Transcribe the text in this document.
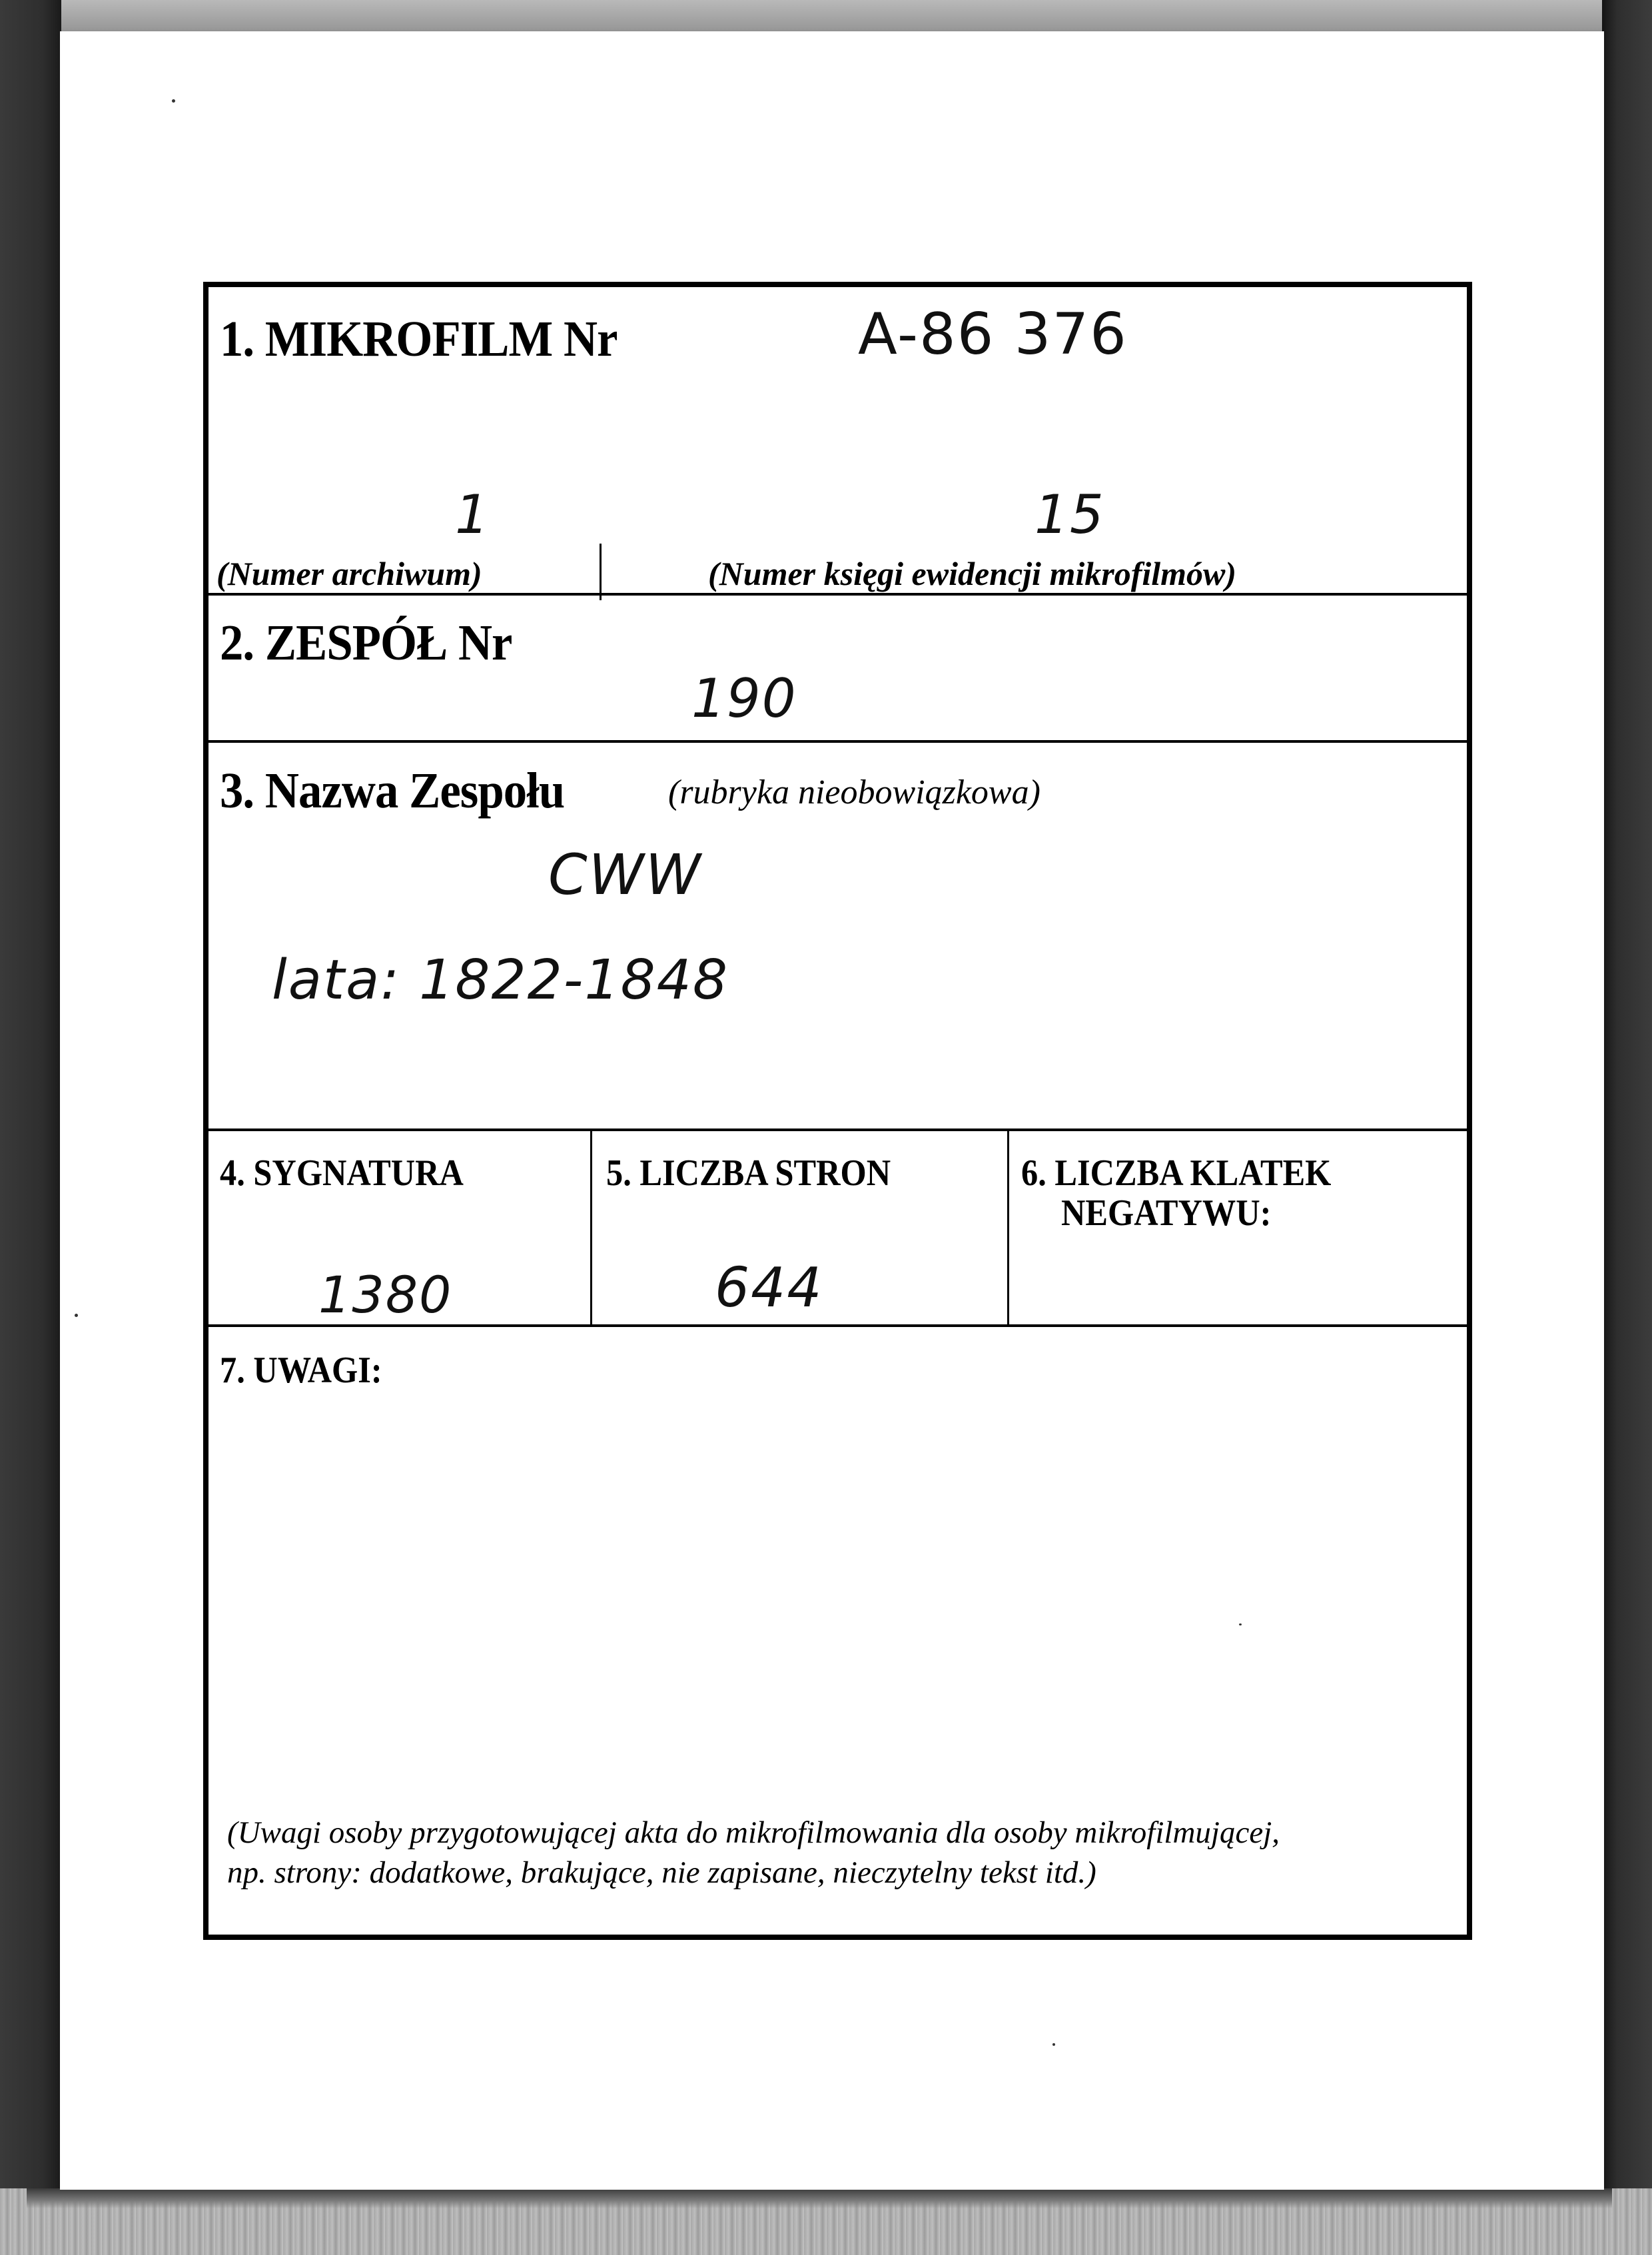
1. MIKROFILM Nr	A-86 376
1	15
(Numer archiwum)	(Numer księgi ewidencji mikrofilmów)
2. ZESPÓŁ Nr
190
3. Nazwa Zespołu	(rubryka nieobowiązkowa)
CWW
lata: 1822-1848
4. SYGNATURA
1380
5. LICZBA STRON
644
6. LICZBA KLATEK
NEGATYWU:
7. UWAGI:
(Uwagi osoby przygotowującej akta do mikrofilmowania dla osoby mikrofilmującej,
np. strony: dodatkowe, brakujące, nie zapisane, nieczytelny tekst itd.)
